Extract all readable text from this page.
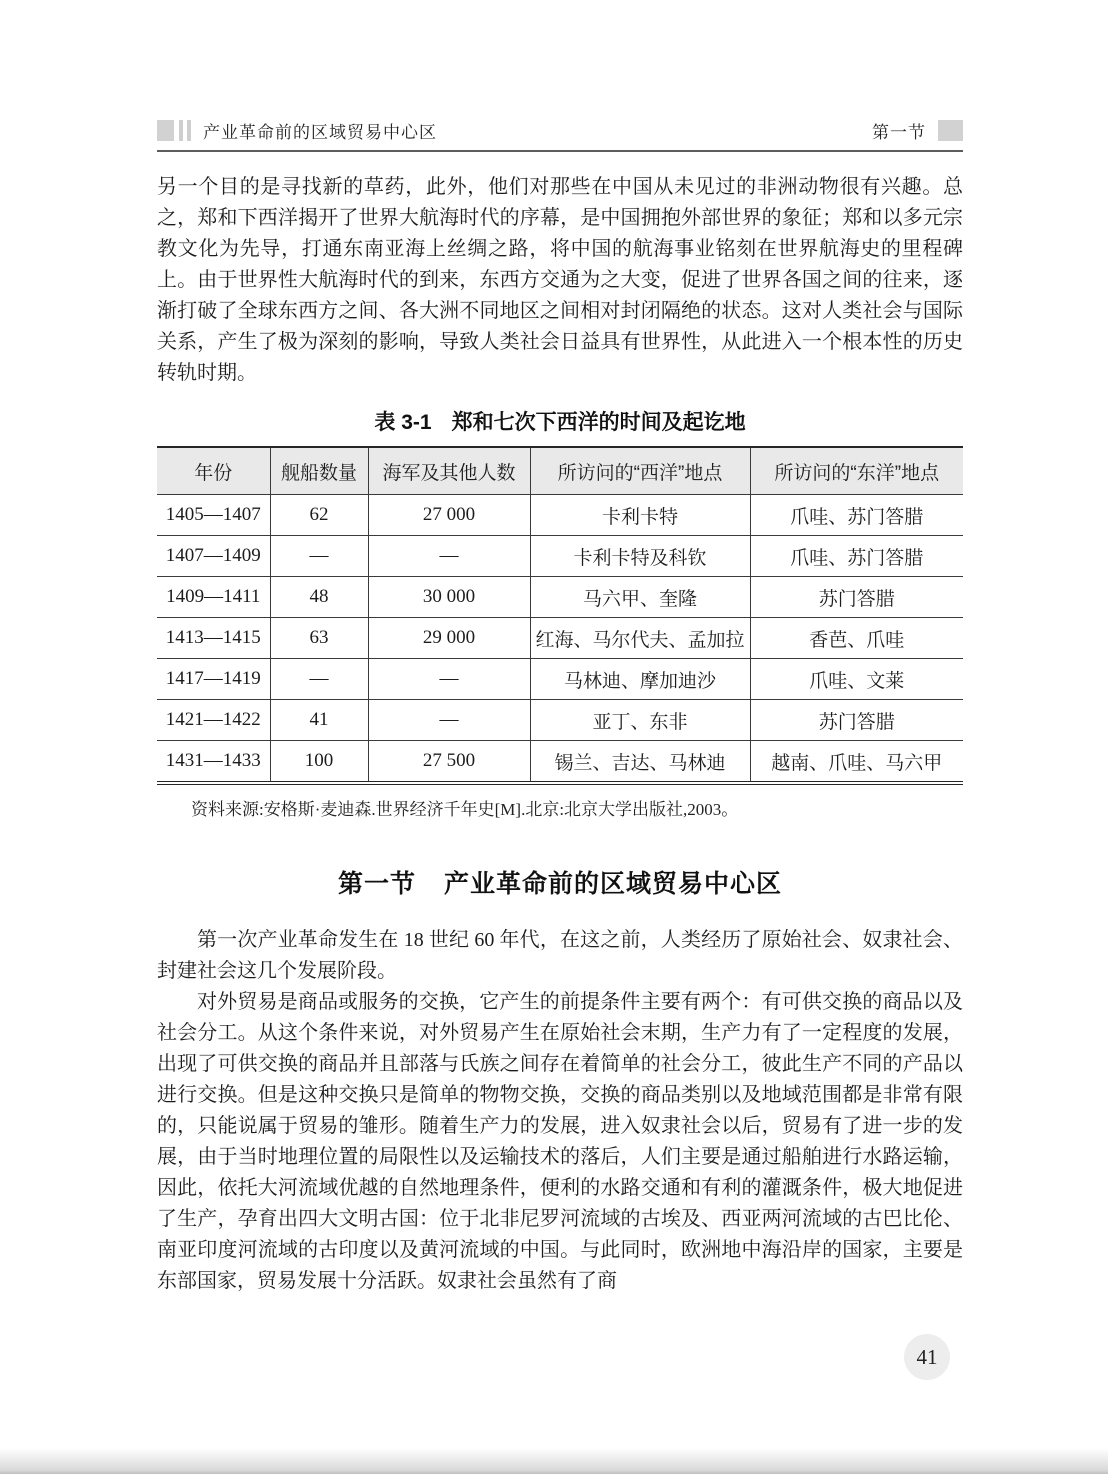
产业革命前的区域贸易中心区	第一节

另一个目的是寻找新的草药，此外，他们对那些在中国从未见过的非洲动物很有兴趣。总之，郑和下西洋揭开了世界大航海时代的序幕，是中国拥抱外部世界的象征；郑和以多元宗教文化为先导，打通东南亚海上丝绸之路，将中国的航海事业铭刻在世界航海史的里程碑上。由于世界性大航海时代的到来，东西方交通为之大变，促进了世界各国之间的往来，逐渐打破了全球东西方之间、各大洲不同地区之间相对封闭隔绝的状态。这对人类社会与国际关系，产生了极为深刻的影响，导致人类社会日益具有世界性，从此进入一个根本性的历史转轨时期。

表 3-1 郑和七次下西洋的时间及起讫地
年份	舰船数量	海军及其他人数	所访问的“西洋”地点	所访问的“东洋”地点
1405—1407	62	27 000	卡利卡特	爪哇、苏门答腊
1407—1409	—	—	卡利卡特及科钦	爪哇、苏门答腊
1409—1411	48	30 000	马六甲、奎隆	苏门答腊
1413—1415	63	29 000	红海、马尔代夫、孟加拉	香芭、爪哇
1417—1419	—	—	马林迪、摩加迪沙	爪哇、文莱
1421—1422	41	—	亚丁、东非	苏门答腊
1431—1433	100	27 500	锡兰、吉达、马林迪	越南、爪哇、马六甲

资料来源:安格斯·麦迪森.世界经济千年史[M].北京:北京大学出版社,2003。

第一节 产业革命前的区域贸易中心区

第一次产业革命发生在 18 世纪 60 年代，在这之前，人类经历了原始社会、奴隶社会、封建社会这几个发展阶段。

对外贸易是商品或服务的交换，它产生的前提条件主要有两个：有可供交换的商品以及社会分工。从这个条件来说，对外贸易产生在原始社会末期，生产力有了一定程度的发展，出现了可供交换的商品并且部落与氏族之间存在着简单的社会分工，彼此生产不同的产品以进行交换。但是这种交换只是简单的物物交换，交换的商品类别以及地域范围都是非常有限的，只能说属于贸易的雏形。随着生产力的发展，进入奴隶社会以后，贸易有了进一步的发展，由于当时地理位置的局限性以及运输技术的落后，人们主要是通过船舶进行水路运输，因此，依托大河流域优越的自然地理条件，便利的水路交通和有利的灌溉条件，极大地促进了生产，孕育出四大文明古国：位于北非尼罗河流域的古埃及、西亚两河流域的古巴比伦、南亚印度河流域的古印度以及黄河流域的中国。与此同时，欧洲地中海沿岸的国家，主要是东部国家，贸易发展十分活跃。奴隶社会虽然有了商

41
